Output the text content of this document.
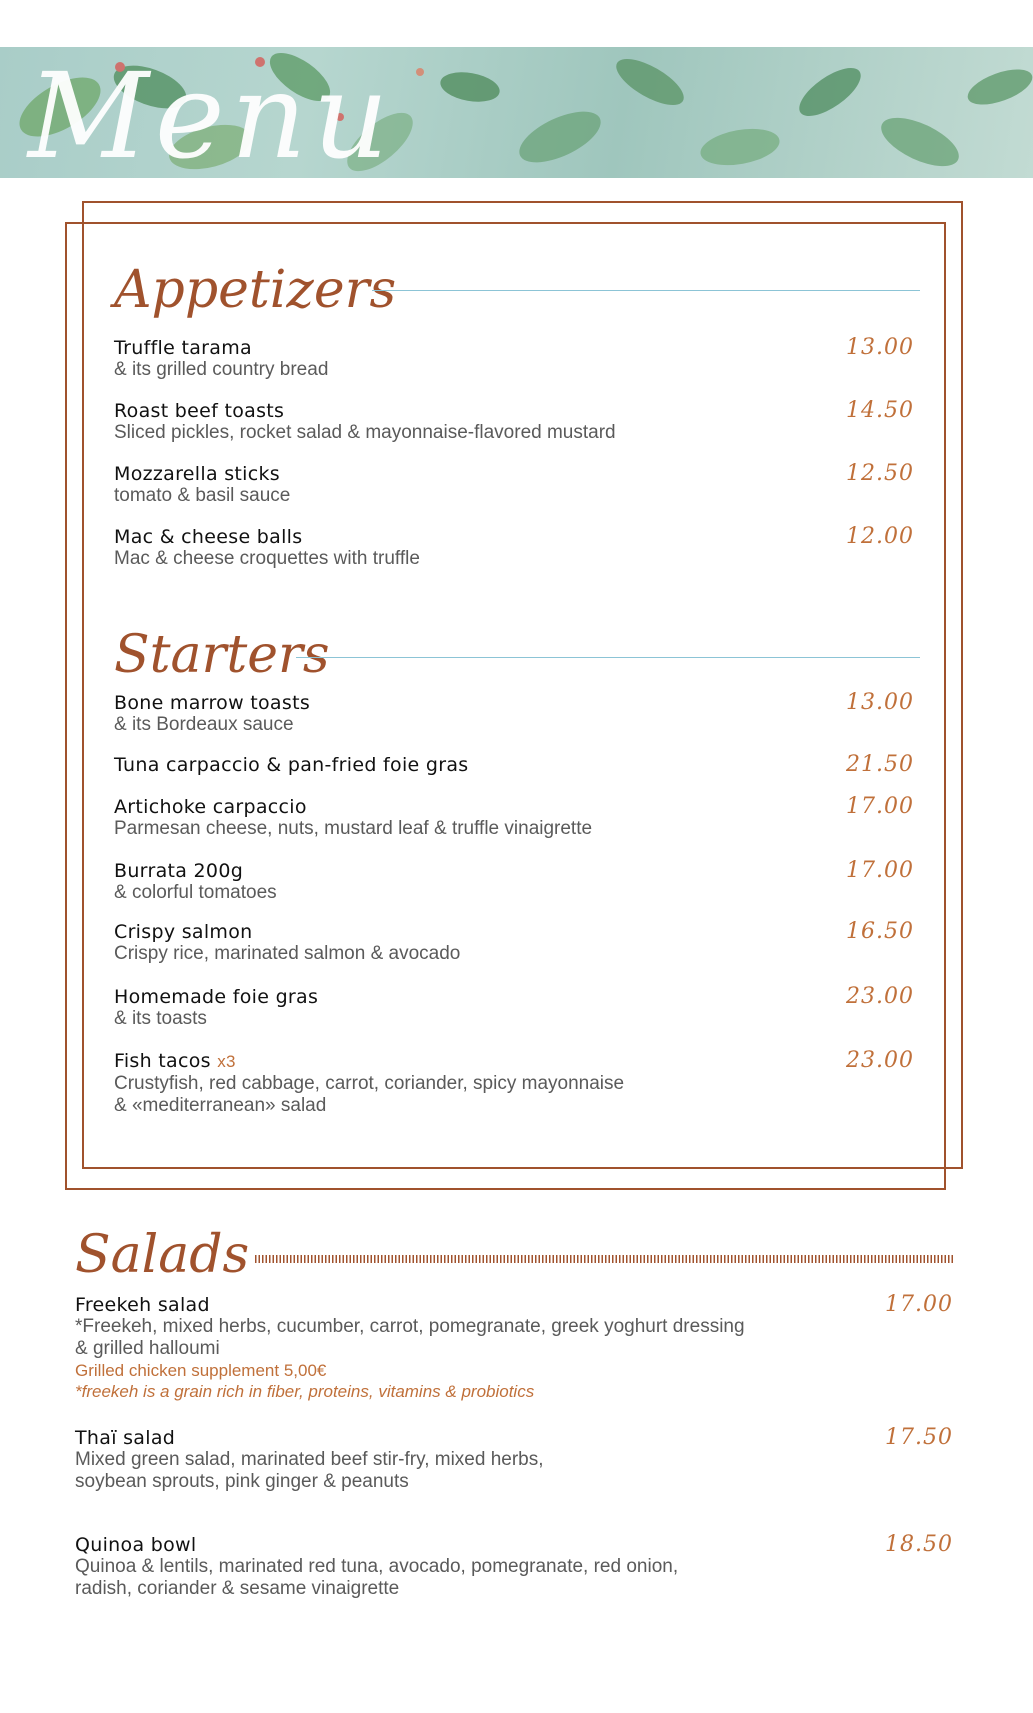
Menu
Appetizers
Truffle tarama
& its grilled country bread
13.00
Roast beef toasts
Sliced pickles, rocket salad & mayonnaise-flavored mustard
14.50
Mozzarella sticks
tomato & basil sauce
12.50
Mac & cheese balls
Mac & cheese croquettes with truffle
12.00
Starters
Bone marrow toasts
& its Bordeaux sauce
13.00
Tuna carpaccio & pan-fried foie gras	21.50
Artichoke carpaccio
Parmesan cheese, nuts, mustard leaf & truffle vinaigrette
17.00
Burrata 200g
& colorful tomatoes
17.00
Crispy salmon
Crispy rice, marinated salmon & avocado
16.50
Homemade foie gras
& its toasts
23.00
Fish tacos x3
Crustyfish, red cabbage, carrot, coriander, spicy mayonnaise
& «mediterranean» salad
23.00
Salads
Freekeh salad
*Freekeh, mixed herbs, cucumber, carrot, pomegranate, greek yoghurt dressing
& grilled halloumi
Grilled chicken supplement 5,00€
*freekeh is a grain rich in fiber, proteins, vitamins & probiotics
17.00
Thaï salad
Mixed green salad, marinated beef stir-fry, mixed herbs,
soybean sprouts, pink ginger & peanuts
17.50
Quinoa bowl
Quinoa & lentils, marinated red tuna, avocado, pomegranate, red onion,
radish, coriander & sesame vinaigrette
18.50
